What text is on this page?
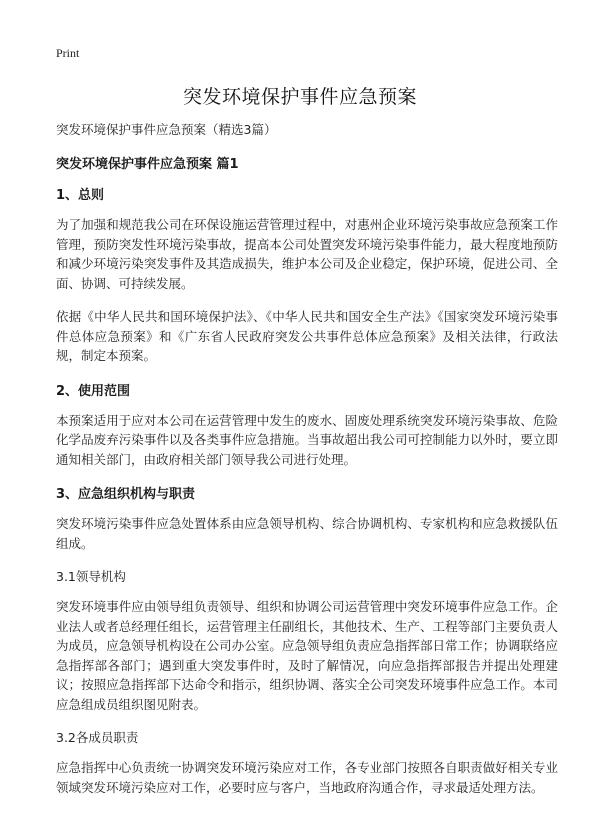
Print
突发环境保护事件应急预案
突发环境保护事件应急预案（精选3篇）
突发环境保护事件应急预案 篇1
1、总则

为了加强和规范我公司在环保设施运营管理过程中，对惠州企业环境污染事故应急预案工作管理，预防突发性环境污染事故，提高本公司处置突发环境污染事件能力，最大程度地预防和减少环境污染突发事件及其造成损失，维护本公司及企业稳定，保护环境，促进公司、全面、协调、可持续发展。

依据《中华人民共和国环境保护法》、《中华人民共和国安全生产法》《国家突发环境污染事件总体应急预案》和《广东省人民政府突发公共事件总体应急预案》及相关法律，行政法规，制定本预案。

2、使用范围

本预案适用于应对本公司在运营管理中发生的废水、固废处理系统突发环境污染事故、危险化学品废弃污染事件以及各类事件应急措施。当事故超出我公司可控制能力以外时，要立即通知相关部门，由政府相关部门领导我公司进行处理。

3、应急组织机构与职责

突发环境污染事件应急处置体系由应急领导机构、综合协调机构、专家机构和应急救援队伍组成。

3.1领导机构

突发环境事件应由领导组负责领导、组织和协调公司运营管理中突发环境事件应急工作。企业法人或者总经理任组长，运营管理主任副组长，其他技术、生产、工程等部门主要负责人为成员，应急领导机构设在公司办公室。应急领导组负责应急指挥部日常工作；协调联络应急指挥部各部门；遇到重大突发事件时，及时了解情况，向应急指挥部报告并提出处理建议；按照应急指挥部下达命令和指示，组织协调、落实全公司突发环境事件应急工作。本司应急组成员组织图见附表。

3.2各成员职责

应急指挥中心负责统一协调突发环境污染应对工作，各专业部门按照各自职责做好相关专业领域突发环境污染应对工作，必要时应与客户，当地政府沟通合作，寻求最适处理方法。
